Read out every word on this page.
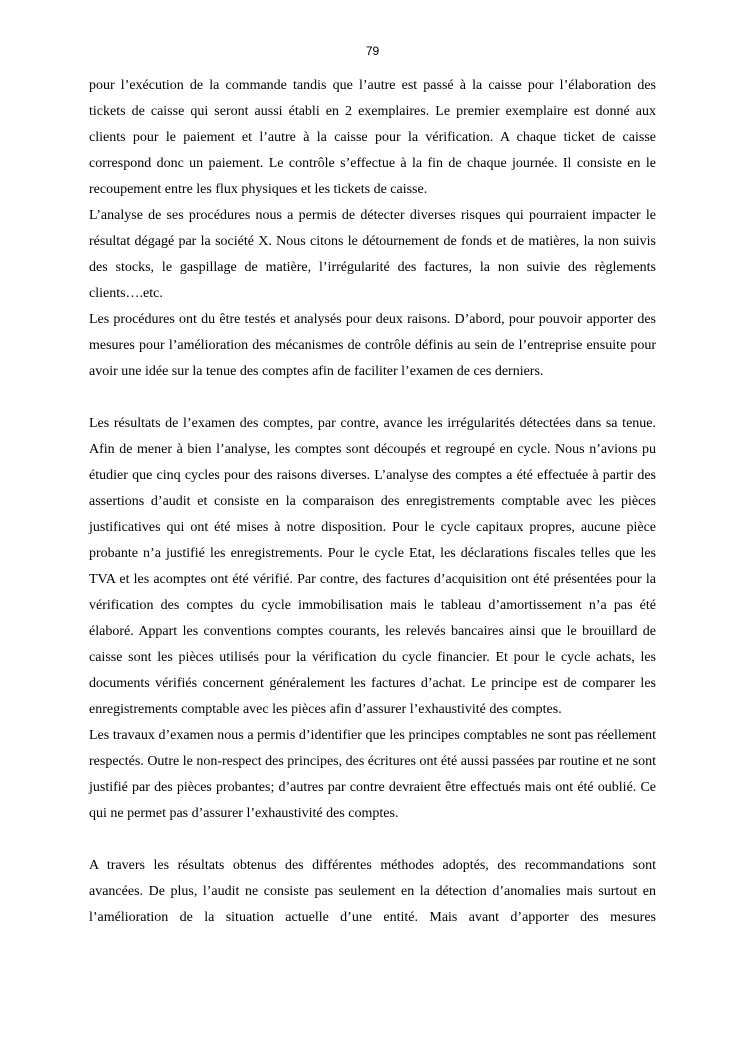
79

pour l’exécution de la commande tandis que l’autre est passé à la caisse pour l’élaboration des tickets de caisse qui seront aussi établi en 2 exemplaires. Le premier exemplaire est donné aux clients pour le paiement et l’autre à la caisse pour la vérification. A chaque ticket de caisse correspond donc un paiement. Le contrôle s’effectue à la fin de chaque journée. Il consiste en le recoupement entre les flux physiques et les tickets de caisse.

L’analyse de ses procédures nous a permis de détecter diverses risques qui pourraient impacter le résultat dégagé par la société X. Nous citons le détournement de fonds et de matières, la non suivis des stocks, le gaspillage de matière, l’irrégularité des factures, la non suivie des règlements clients….etc.

Les procédures ont du être testés et analysés pour deux raisons. D’abord, pour pouvoir apporter des mesures pour l’amélioration des mécanismes de contrôle définis au sein de l’entreprise ensuite pour avoir une idée sur la tenue des comptes afin de faciliter l’examen de ces derniers.

Les résultats de l’examen des comptes, par contre, avance les irrégularités détectées dans sa tenue. Afin de mener à bien l’analyse, les comptes sont découpés et regroupé en cycle. Nous n’avions pu étudier que cinq cycles pour des raisons diverses. L’analyse des comptes a été effectuée à partir des assertions d’audit et consiste en la comparaison des enregistrements comptable avec les pièces justificatives qui ont été mises à notre disposition. Pour le cycle capitaux propres, aucune pièce probante n’a justifié les enregistrements. Pour le cycle Etat, les déclarations fiscales telles que les TVA et les acomptes ont été vérifié. Par contre, des factures d’acquisition ont été présentées pour la vérification des comptes du cycle immobilisation mais le tableau d’amortissement n’a pas été élaboré. Appart les conventions comptes courants, les relevés bancaires ainsi que le brouillard de caisse sont les pièces utilisés pour la vérification du cycle financier. Et pour le cycle achats, les documents vérifiés concernent généralement les factures d’achat. Le principe est de comparer les enregistrements comptable avec les pièces afin d’assurer l’exhaustivité des comptes.

Les travaux d’examen nous a permis d’identifier que les principes comptables ne sont pas réellement respectés. Outre le non-respect des principes, des écritures ont été aussi passées par routine et ne sont justifié par des pièces probantes; d’autres par contre devraient être effectués mais ont été oublié. Ce qui ne permet pas d’assurer l’exhaustivité des comptes.

A travers les résultats obtenus des différentes méthodes adoptés, des recommandations sont avancées. De plus, l’audit ne consiste pas seulement en la détection d’anomalies mais surtout en l’amélioration de la situation actuelle d’une entité. Mais avant d’apporter des mesures
